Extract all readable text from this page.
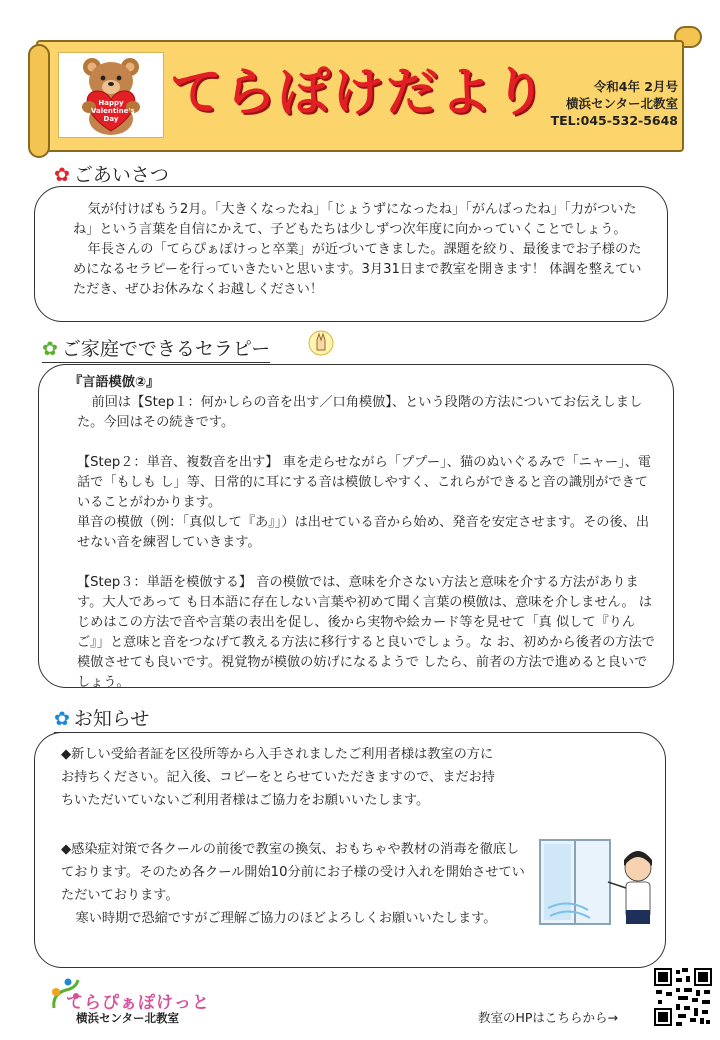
Happy Valentine's Day てらぽけだより	令和4年 2月号
横浜センター北教室
TEL:045-532-5648
✿ ごあいさつ

気が付けばもう2月。「大きくなったね」「じょうずになったね」「がんばったね」「力がついたね」という言葉を自信にかえて、子どもたちは少しずつ次年度に向かっていくことでしょう。

年長さんの「てらぴぁぽけっと卒業」が近づいてきました。課題を絞り、最後までお子様のためになるセラピーを行っていきたいと思います。3月31日まで教室を開きます！ 体調を整えていただき、ぜひお休みなくお越しください！

✿ ご家庭でできるセラピー

『言語模倣②』

前回は【Step１：何かしらの音を出す／口角模倣】、という段階の方法についてお伝えしました。今回はその続きです。

【Step２：単音、複数音を出す】 車を走らせながら「ププー」、猫のぬいぐるみで「ニャー」、電話で「もしも し」等、日常的に耳にする音は模倣しやすく、これらができると音の識別ができて いることがわかります。

単音の模倣（例：「真似して『あ』」）は出せている音から始め、発音を安定させます。その後、出せない音を練習していきます。

【Step３：単語を模倣する】 音の模倣では、意味を介さない方法と意味を介する方法があります。大人であって も日本語に存在しない言葉や初めて聞く言葉の模倣は、意味を介しません。 はじめはこの方法で音や言葉の表出を促し、後から実物や絵カード等を見せて「真 似して『りんご』」と意味と音をつなげて教える方法に移行すると良いでしょう。な お、初めから後者の方法で模倣させても良いです。視覚物が模倣の妨げになるようで したら、前者の方法で進めると良いでしょう。

✿ お知らせ

◆新しい受給者証を区役所等から入手されましたご利用者様は教室の方にお持ちください。記入後、コピーをとらせていただきますので、まだお持ちいただいていないご利用者様はご協力をお願いいたします。

◆感染症対策で各クールの前後で教室の換気、おもちゃや教材の消毒を徹底しております。そのため各クール開始10分前にお子様の受け入れを開始させていただいております。

寒い時期で恐縮ですがご理解ご協力のほどよろしくお願いいたします。

てらぴぁぽけっと
横浜センター北教室	教室のHPはこちらから→
